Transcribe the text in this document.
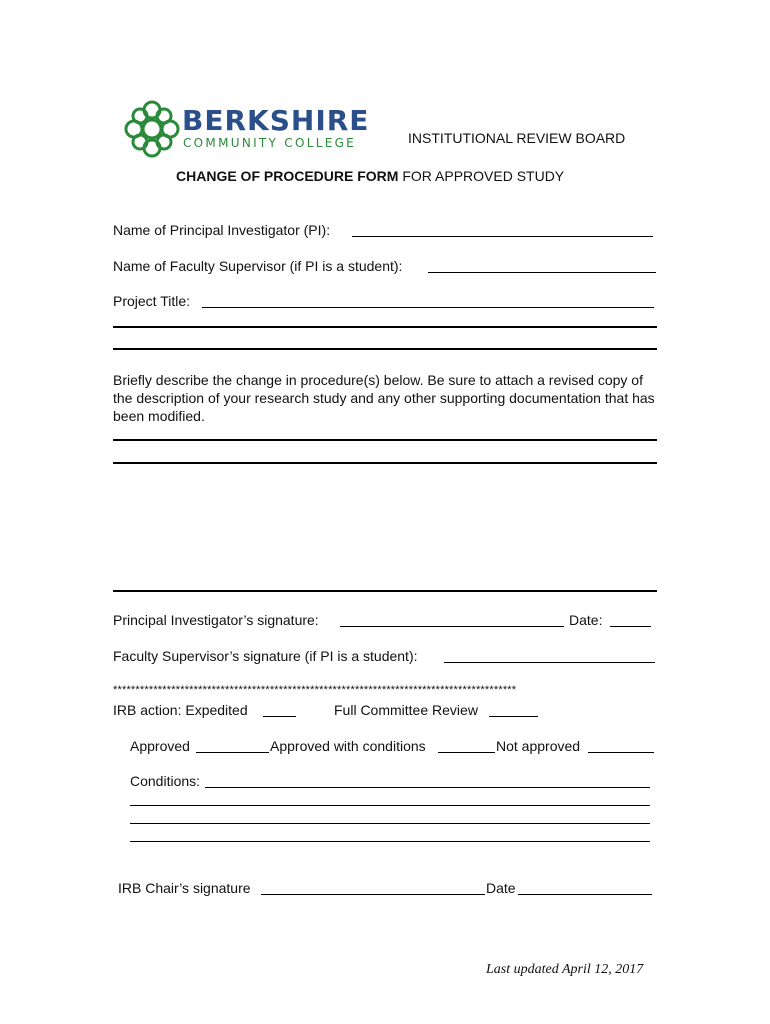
BERKSHIRE
COMMUNITY COLLEGE	INSTITUTIONAL REVIEW BOARD
CHANGE OF PROCEDURE FORM FOR APPROVED STUDY
Name of Principal Investigator (PI):
Name of Faculty Supervisor (if PI is a student):
Project Title:
Briefly describe the change in procedure(s) below. Be sure to attach a revised copy of the description of your research study and any other supporting documentation that has been modified.
Principal Investigator’s signature:	Date:
Faculty Supervisor’s signature (if PI is a student):
******************************************************************************************
IRB action: Expedited	Full Committee Review
Approved	Approved with conditions	Not approved
Conditions:
IRB Chair’s signature	Date
Last updated April 12, 2017
